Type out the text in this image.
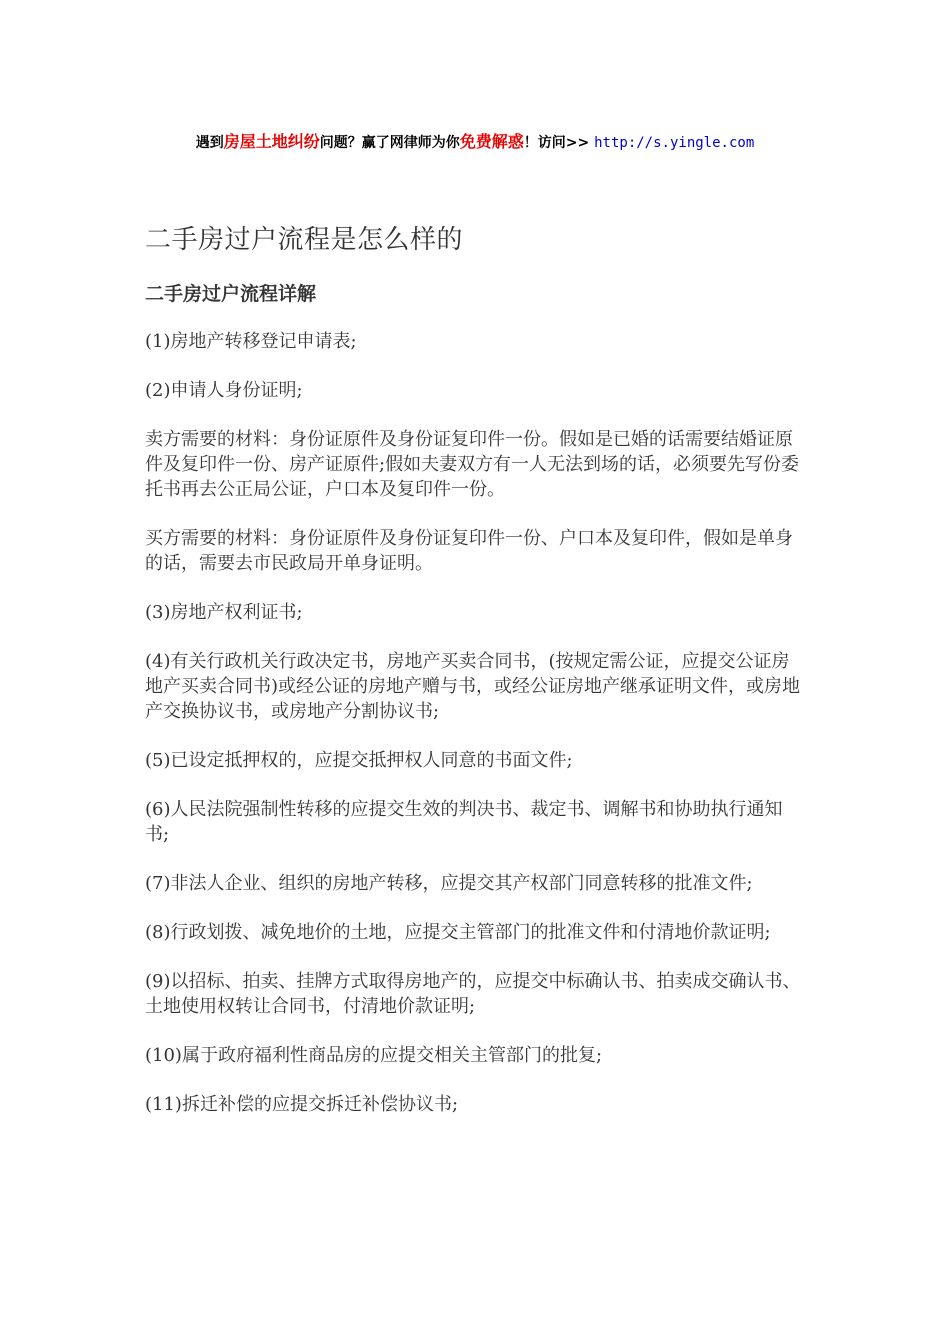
遇到房屋土地纠纷问题？赢了网律师为你免费解惑！访问>> http://s.yingle.com
二手房过户流程是怎么样的
二手房过户流程详解

(1)房地产转移登记申请表;

(2)申请人身份证明;

卖方需要的材料：身份证原件及身份证复印件一份。假如是已婚的话需要结婚证原件及复印件一份、房产证原件;假如夫妻双方有一人无法到场的话，必须要先写份委托书再去公正局公证，户口本及复印件一份。

买方需要的材料：身份证原件及身份证复印件一份、户口本及复印件，假如是单身的话，需要去市民政局开单身证明。

(3)房地产权利证书;

(4)有关行政机关行政决定书，房地产买卖合同书，(按规定需公证，应提交公证房地产买卖合同书)或经公证的房地产赠与书，或经公证房地产继承证明文件，或房地产交换协议书，或房地产分割协议书;

(5)已设定抵押权的，应提交抵押权人同意的书面文件;

(6)人民法院强制性转移的应提交生效的判决书、裁定书、调解书和协助执行通知书;

(7)非法人企业、组织的房地产转移，应提交其产权部门同意转移的批准文件;

(8)行政划拨、减免地价的土地，应提交主管部门的批准文件和付清地价款证明;

(9)以招标、拍卖、挂牌方式取得房地产的，应提交中标确认书、拍卖成交确认书、土地使用权转让合同书，付清地价款证明;

(10)属于政府福利性商品房的应提交相关主管部门的批复;

(11)拆迁补偿的应提交拆迁补偿协议书;
